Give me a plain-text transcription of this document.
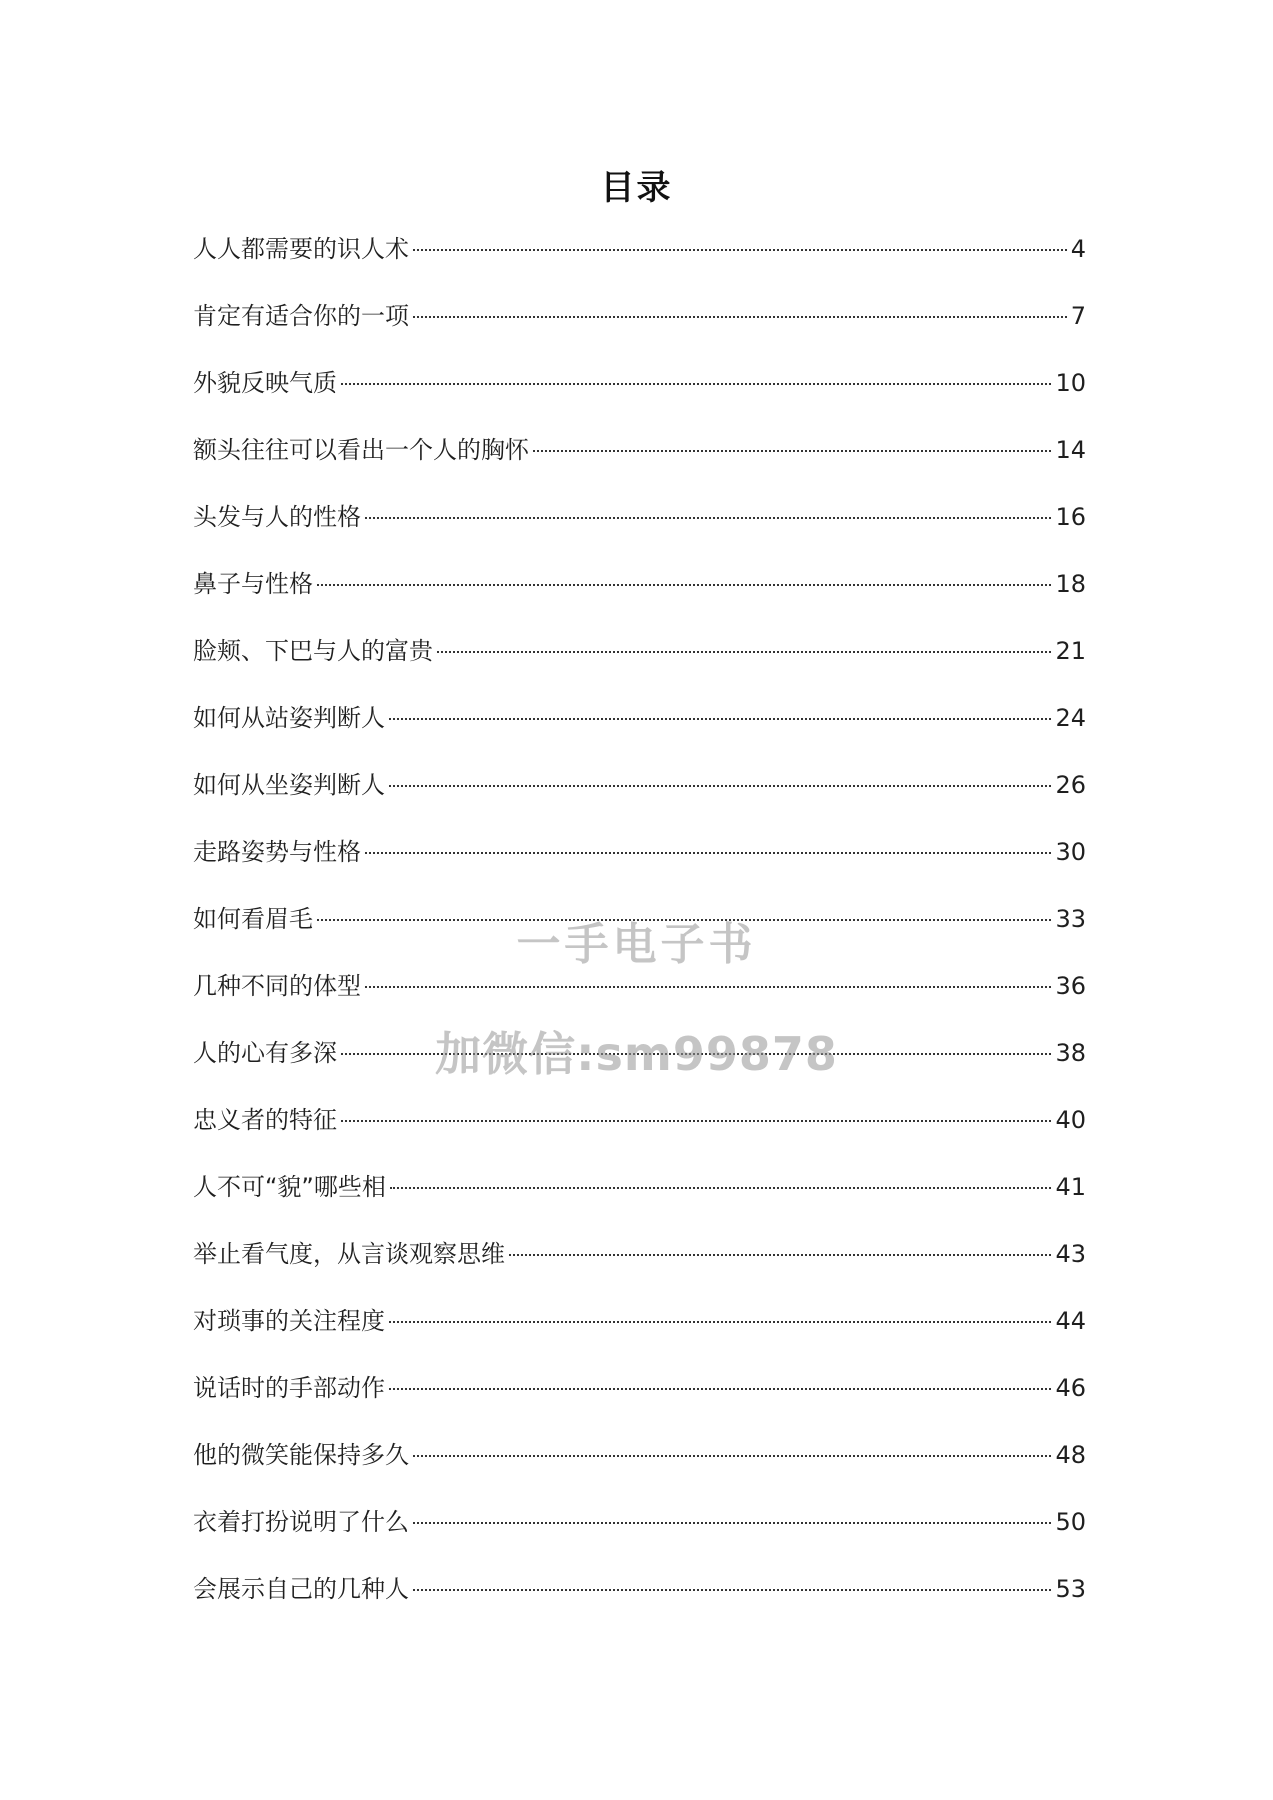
目录
人人都需要的识人术	4
肯定有适合你的一项	7
外貌反映气质	10
额头往往可以看出一个人的胸怀	14
头发与人的性格	16
鼻子与性格	18
脸颊、下巴与人的富贵	21
如何从站姿判断人	24
如何从坐姿判断人	26
走路姿势与性格	30
如何看眉毛	33
几种不同的体型	36
人的心有多深	38
忠义者的特征	40
人不可“貌”哪些相	41
举止看气度，从言谈观察思维	43
对琐事的关注程度	44
说话时的手部动作	46
他的微笑能保持多久	48
衣着打扮说明了什么	50
会展示自己的几种人	53
一手电子书
加微信:sm99878
